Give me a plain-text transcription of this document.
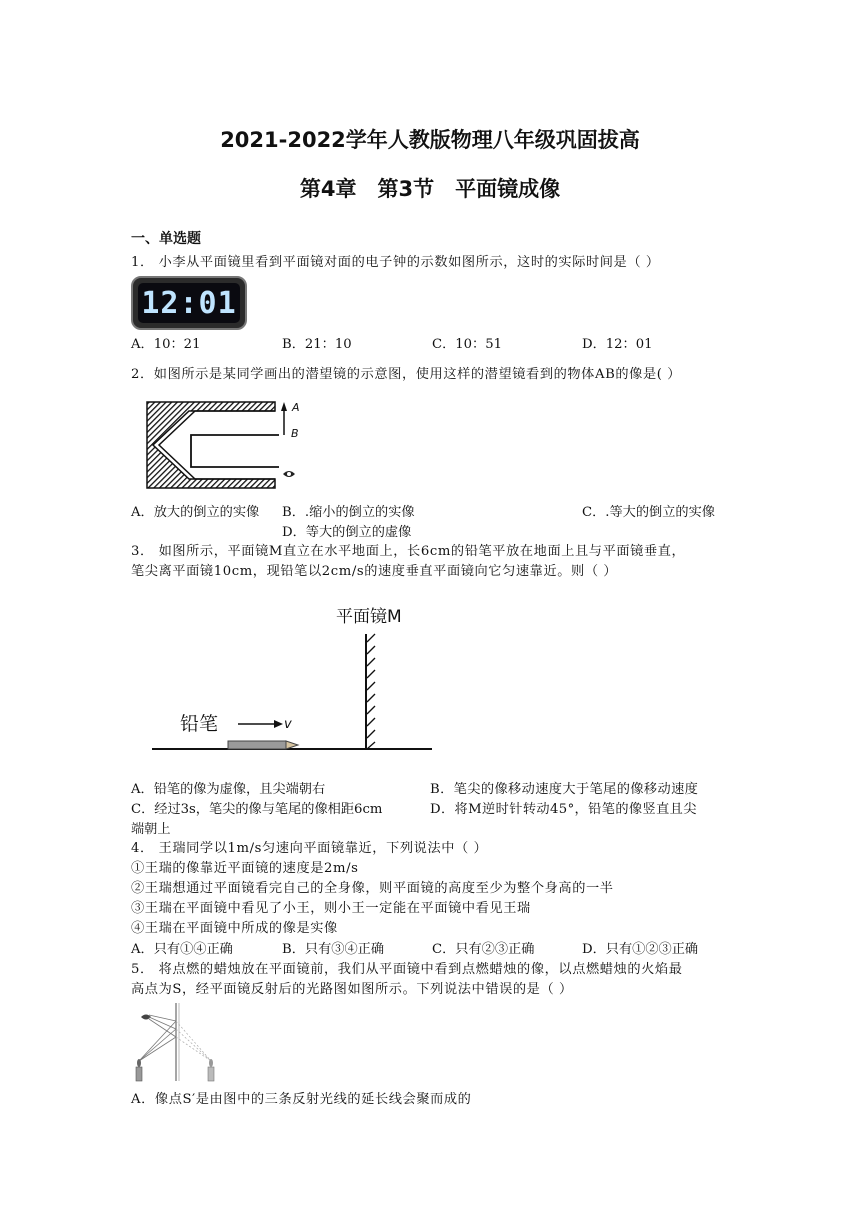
2021-2022学年人教版物理八年级巩固拔高
第4章　第3节　平面镜成像
一、单选题
1． 小李从平面镜里看到平面镜对面的电子钟的示数如图所示，这时的实际时间是（ ）
12:01
A．10：21	B．21：10	C．10：51	D．12：01
2．如图所示是某同学画出的潜望镜的示意图，使用这样的潜望镜看到的物体AB的像是( ）
A
B
A．放大的倒立的实像 B．.缩小的倒立的实像	C．.等大的倒立的实像
D．等大的倒立的虚像
3． 如图所示，平面镜M直立在水平地面上，长6cm的铅笔平放在地面上且与平面镜垂直，
笔尖离平面镜10cm，现铅笔以2cm/s的速度垂直平面镜向它匀速靠近。则（ ）
平面镜M
铅笔	v
A．铅笔的像为虚像，且尖端朝右	B．笔尖的像移动速度大于笔尾的像移动速度
C．经过3s，笔尖的像与笔尾的像相距6cm	D．将M逆时针转动45°，铅笔的像竖直且尖
端朝上
4． 王瑞同学以1m/s匀速向平面镜靠近，下列说法中（ ）
①王瑞的像靠近平面镜的速度是2m/s
②王瑞想通过平面镜看完自己的全身像，则平面镜的高度至少为整个身高的一半
③王瑞在平面镜中看见了小王，则小王一定能在平面镜中看见王瑞
④王瑞在平面镜中所成的像是实像
A．只有①④正确	B．只有③④正确	C．只有②③正确	D．只有①②③正确
5． 将点燃的蜡烛放在平面镜前，我们从平面镜中看到点燃蜡烛的像，以点燃蜡烛的火焰最
高点为S，经平面镜反射后的光路图如图所示。下列说法中错误的是（ ）
A．像点S′是由图中的三条反射光线的延长线会聚而成的
